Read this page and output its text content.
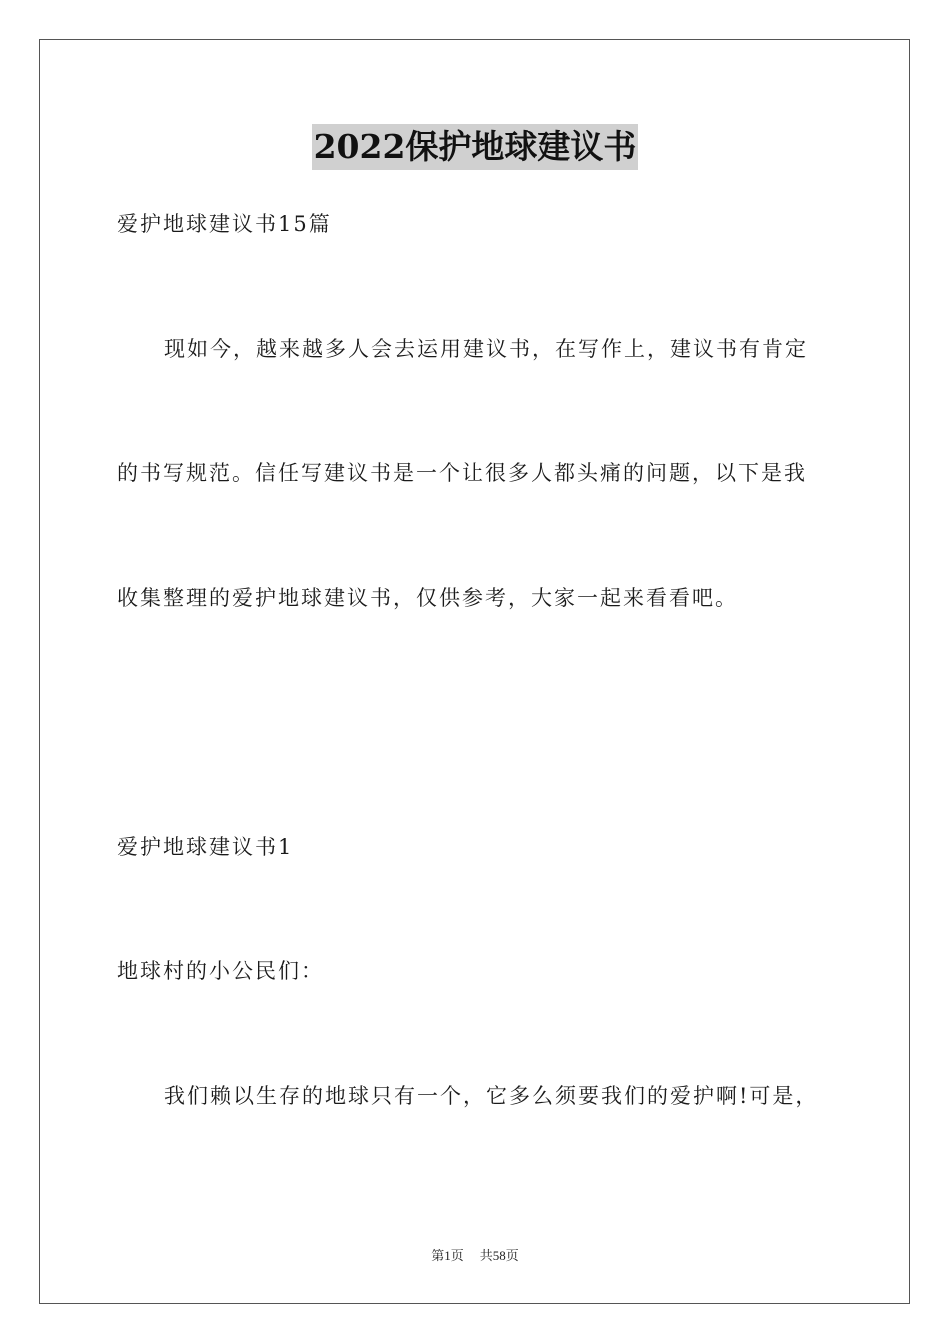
2022保护地球建议书
爱护地球建议书15篇
现如今，越来越多人会去运用建议书，在写作上，建议书有肯定
的书写规范。信任写建议书是一个让很多人都头痛的问题，以下是我
收集整理的爱护地球建议书，仅供参考，大家一起来看看吧。
爱护地球建议书1
地球村的小公民们：
我们赖以生存的地球只有一个，它多么须要我们的爱护啊!可是，
第1页 共58页
